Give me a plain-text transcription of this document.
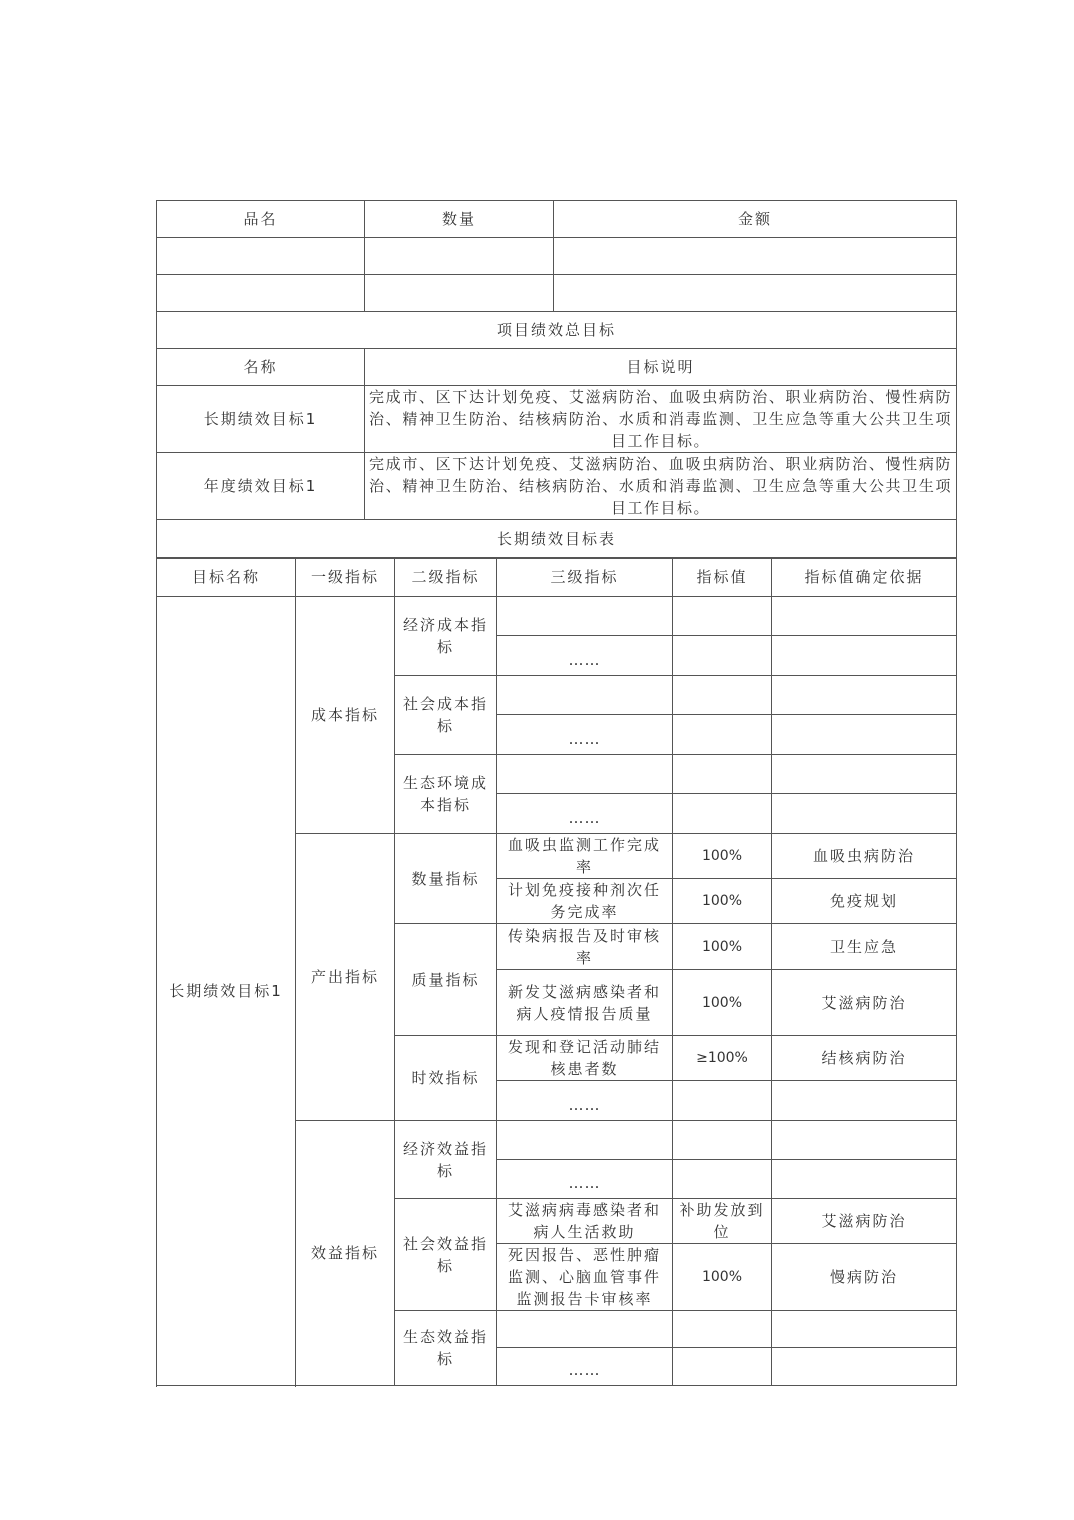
品名	数量	金额

项目绩效总目标		
名称	目标说明	
长期绩效目标1	完成市、区下达计划免疫、艾滋病防治、血吸虫病防治、职业病防治、慢性病防治、精神卫生防治、结核病防治、水质和消毒监测、卫生应急等重大公共卫生项目工作目标。	
年度绩效目标1	完成市、区下达计划免疫、艾滋病防治、血吸虫病防治、职业病防治、慢性病防治、精神卫生防治、结核病防治、水质和消毒监测、卫生应急等重大公共卫生项目工作目标。	
长期绩效目标表		
目标名称	一级指标	二级指标	三级指标	指标值	指标值确定依据
长期绩效目标1	成本指标	经济成本指标			
			……		
		社会成本指标			
			……		
		生态环境成本指标			
			……		
	产出指标	数量指标	血吸虫监测工作完成率	100%	血吸虫病防治
			计划免疫接种剂次任务完成率	100%	免疫规划
		质量指标	传染病报告及时审核率	100%	卫生应急
			新发艾滋病感染者和病人疫情报告质量	100%	艾滋病防治
		时效指标	发现和登记活动肺结核患者数	≥100%	结核病防治
			……		

	效益指标	经济效益指标			
			……		
		社会效益指标	艾滋病病毒感染者和病人生活救助	补助发放到位	艾滋病防治
			死因报告、恶性肿瘤监测、心脑血管事件监测报告卡审核率	100%	慢病防治
		生态效益指标			
			……		
